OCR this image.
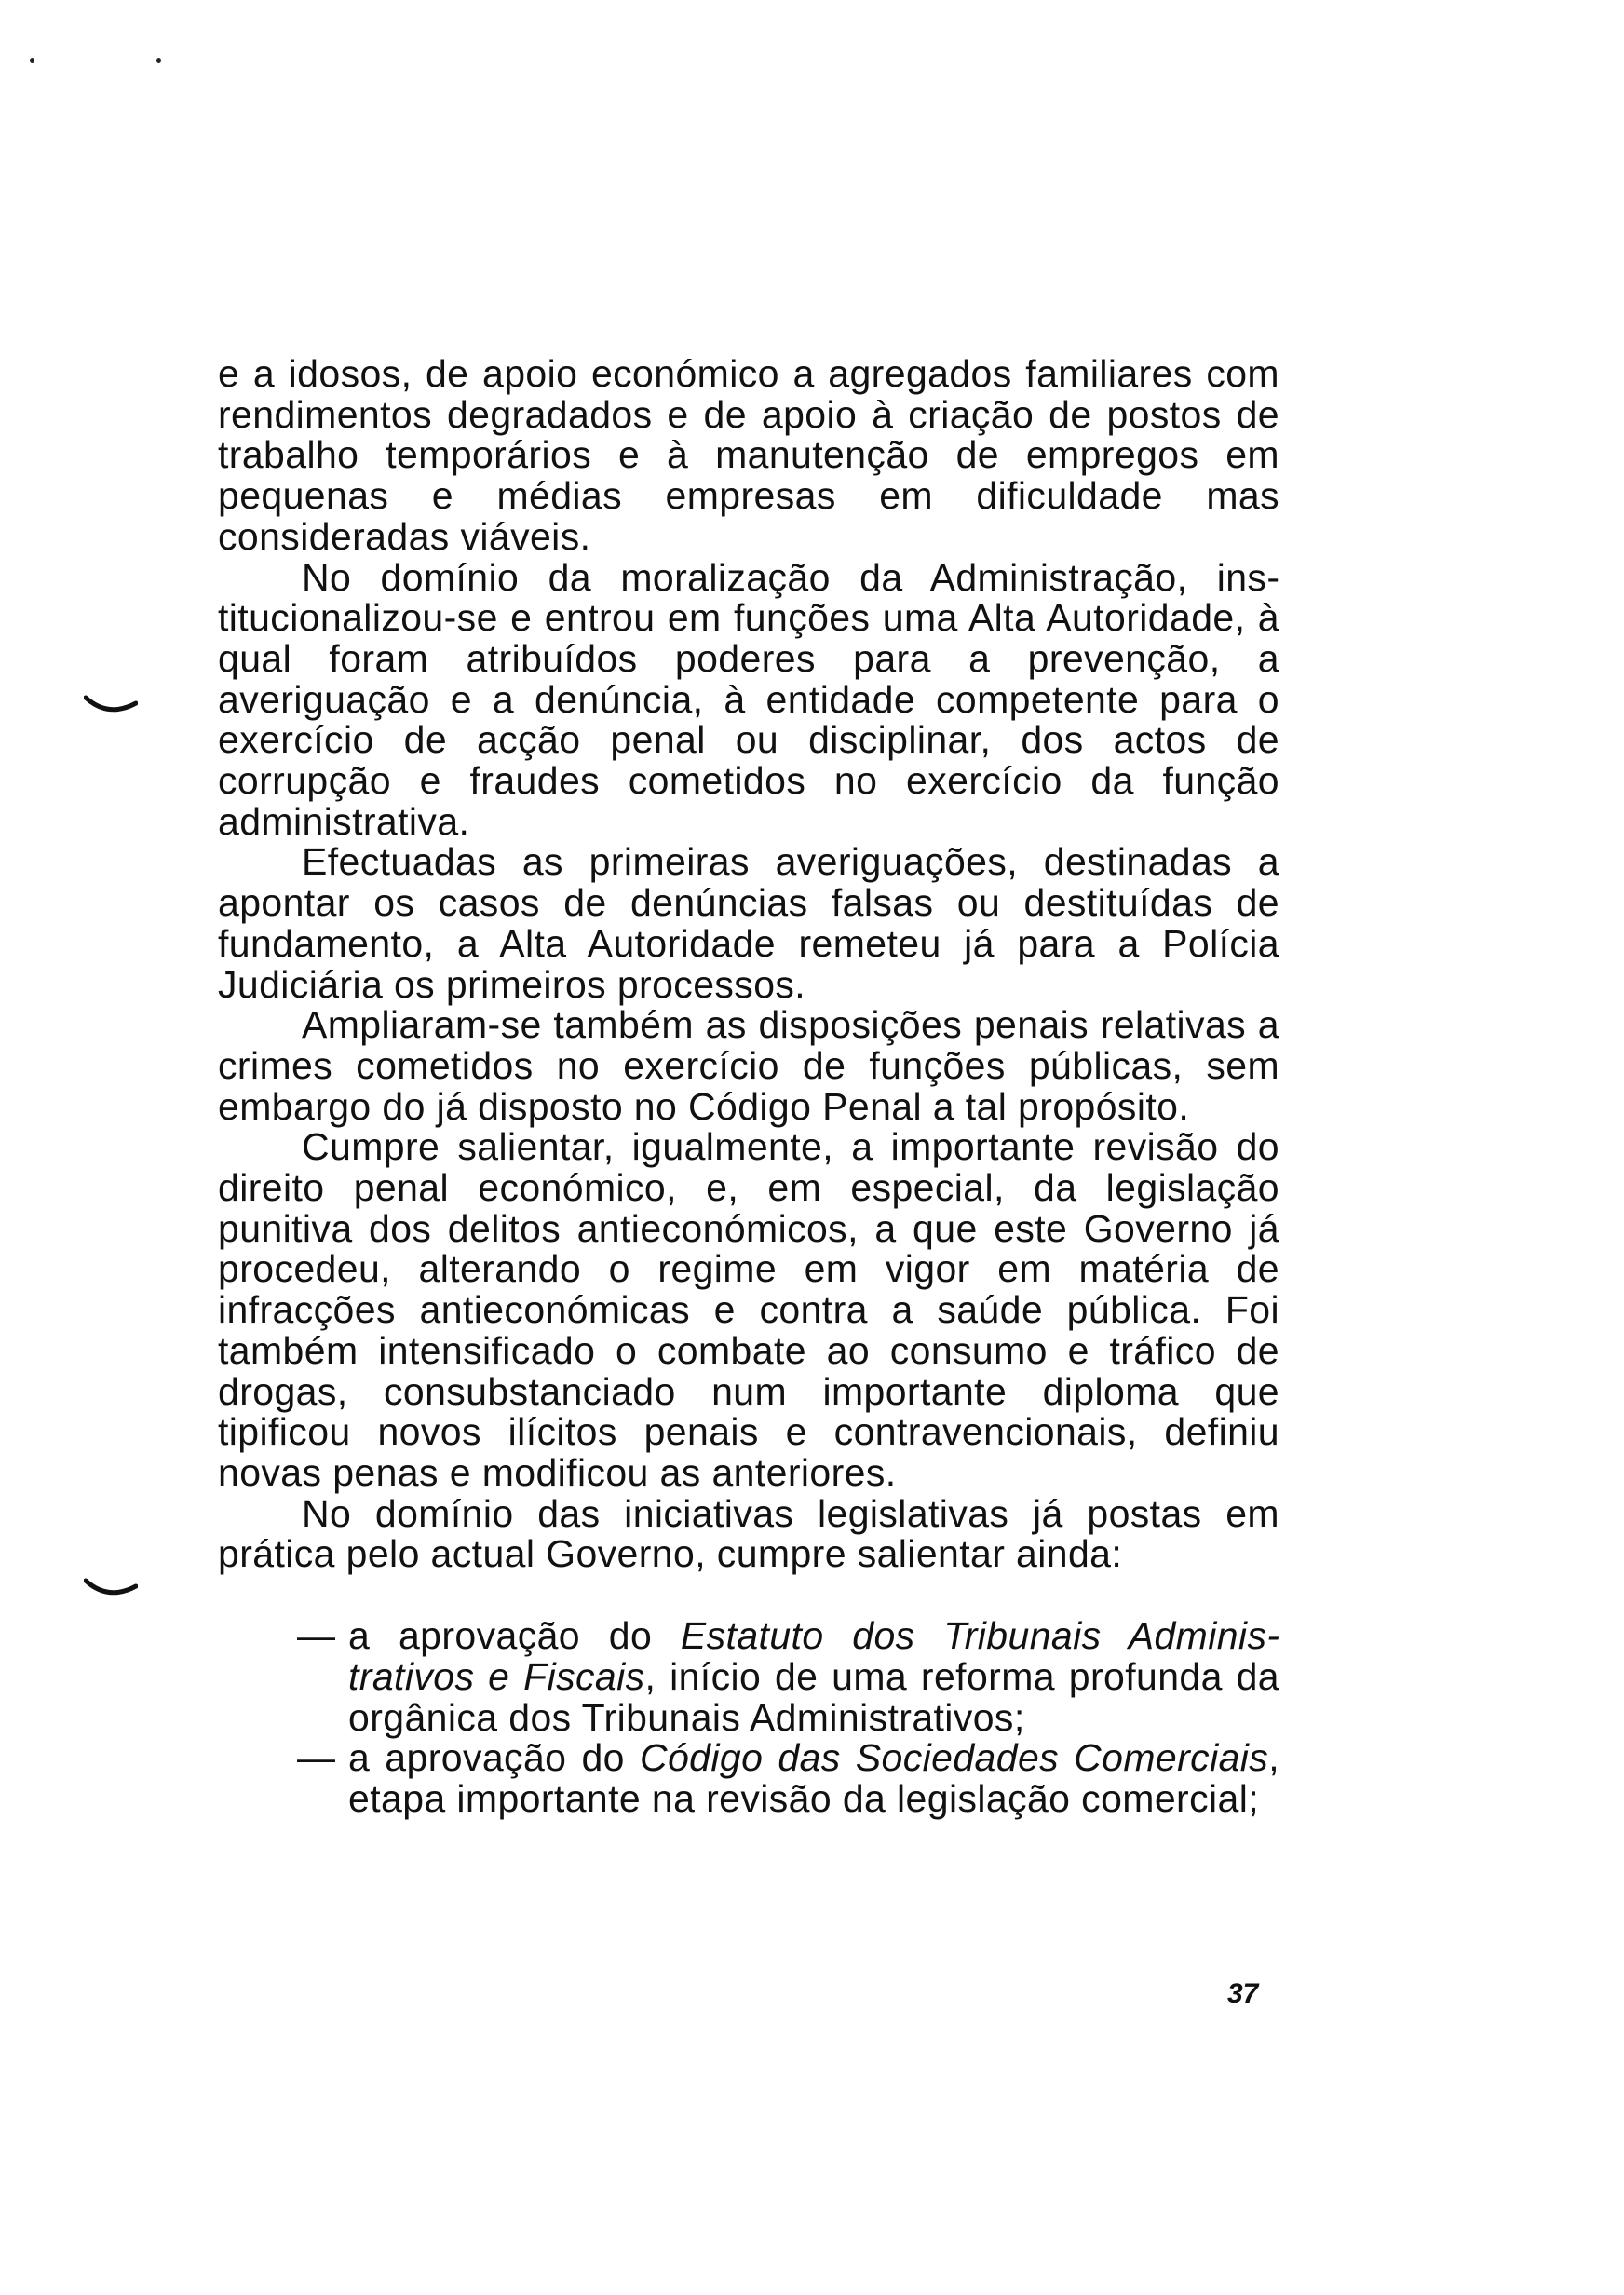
e a idosos, de apoio económico a agregados familiares com rendimentos degradados e de apoio à criação de postos de trabalho temporários e à manutenção de empregos em pequenas e médias empresas em dificuldade mas consideradas viáveis.

No domínio da moralização da Administração, institucionalizou-se e entrou em funções uma Alta Autoridade, à qual foram atribuídos poderes para a prevenção, a averiguação e a denúncia, à entidade competente para o exercício de acção penal ou disciplinar, dos actos de corrupção e fraudes cometidos no exercício da função administrativa.

Efectuadas as primeiras averiguações, destinadas a apontar os casos de denúncias falsas ou destituídas de fundamento, a Alta Autoridade remeteu já para a Polícia Judiciária os primeiros processos.

Ampliaram-se também as disposições penais relativas a crimes cometidos no exercício de funções públicas, sem embargo do já disposto no Código Penal a tal propósito.

Cumpre salientar, igualmente, a importante revisão do direito penal económico, e, em especial, da legislação punitiva dos delitos antieconómicos, a que este Governo já procedeu, alterando o regime em vigor em matéria de infracções antieconómicas e contra a saúde pública. Foi também intensificado o combate ao consumo e tráfico de drogas, consubstanciado num importante diploma que tipificou novos ilícitos penais e contravencionais, definiu novas penas e modificou as anteriores.

No domínio das iniciativas legislativas já postas em prática pelo actual Governo, cumpre salientar ainda:

— a aprovação do Estatuto dos Tribunais Administrativos e Fiscais, início de uma reforma profunda da orgânica dos Tribunais Administrativos;
— a aprovação do Código das Sociedades Comerciais, etapa importante na revisão da legislação comercial;
37
